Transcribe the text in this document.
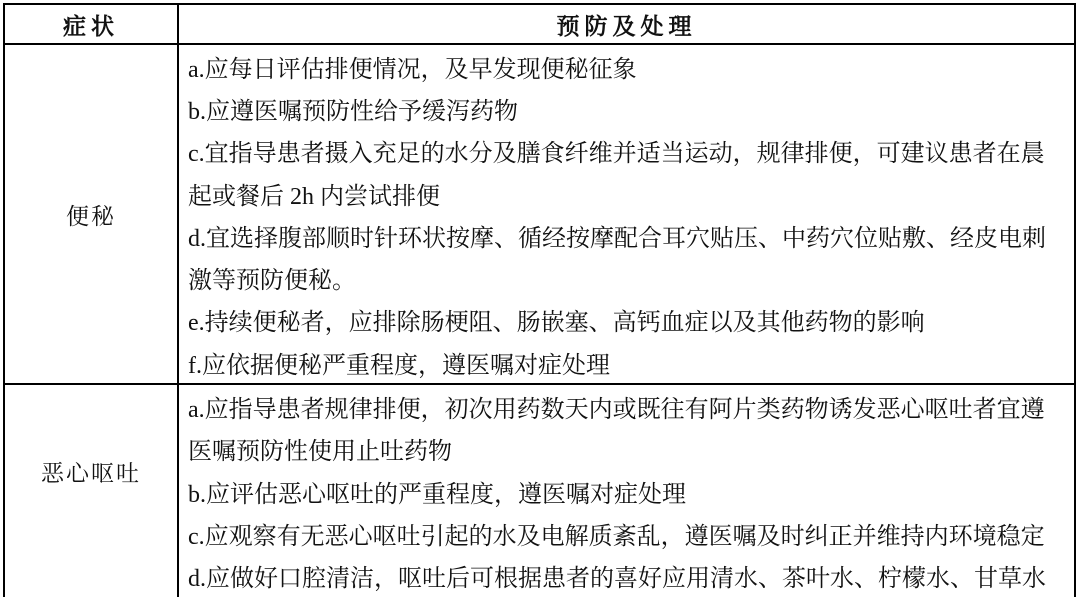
症状	预防及处理
便秘
a.应每日评估排便情况，及早发现便秘征象
b.应遵医嘱预防性给予缓泻药物
c.宜指导患者摄入充足的水分及膳食纤维并适当运动，规律排便，可建议患者在晨
起或餐后 2h 内尝试排便
d.宜选择腹部顺时针环状按摩、循经按摩配合耳穴贴压、中药穴位贴敷、经皮电刺
激等预防便秘。
e.持续便秘者，应排除肠梗阻、肠嵌塞、高钙血症以及其他药物的影响
f.应依据便秘严重程度，遵医嘱对症处理
恶心呕吐
a.应指导患者规律排便，初次用药数天内或既往有阿片类药物诱发恶心呕吐者宜遵
医嘱预防性使用止吐药物
b.应评估恶心呕吐的严重程度，遵医嘱对症处理
c.应观察有无恶心呕吐引起的水及电解质紊乱，遵医嘱及时纠正并维持内环境稳定
d.应做好口腔清洁，呕吐后可根据患者的喜好应用清水、茶叶水、柠檬水、甘草水
